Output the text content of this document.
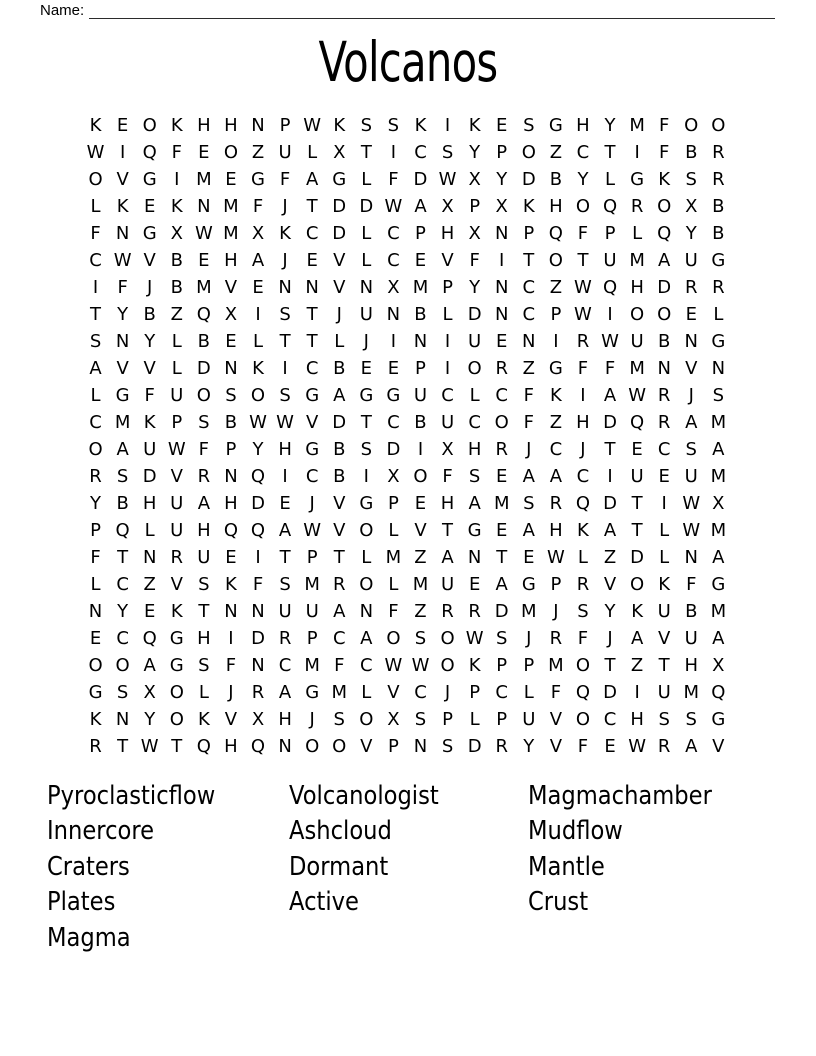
Name:
Volcanos
K E O K H H N P W K S S K	I	K E S G H Y M F O O
W I Q F E O Z U L X T	I	C S Y P O Z C T	I	F B R
O V G I M E G F A G L F D W X Y D B Y L G K S R
L K E K N M F	J	T D D W A X P X K H O Q R O X B
F N G X W M X K C D L C P H X N P Q F P L Q Y B
C W V B E H A	J	E V L C E V F	I	T O T U M A U G
I	F	J	B M V E N N V N X M P Y N C Z W Q H D R R
T Y B Z Q X	I	S T	J U N B L D N C P W I O O E L
S N Y L B E L T T L	J	I N I U E N I	R W U B N G
A V V L D N K	I	C B E E P	I O R Z G F F M N V N
L G F U O S O S G A G G U C L C F K	I	A W R	J	S
C M K P S B W W V D T C B U C O F Z H D Q R A M
O A U W F P Y H G B S D I	X H R	J	C	J	T E C S A
R S D V R N Q I	C B	I	X O F S E A A C	I U E U M
Y B H U A H D E	J	V G P E H A M S R Q D T	I W X
P Q L U H Q Q A W V O L V T G E A H K A T L W M
F T N R U E	I	T P T L M Z A N T E W L Z D L N A
L C Z V S K F S M R O L M U E A G P R V O K F G
N Y E K T N N U U A N F Z R R D M J	S Y K U B M
E C Q G H I D R P C A O S O W S	J	R F	J	A V U A
O O A G S F N C M F C W W O K P P M O T Z T H X
G S X O L	J	R A G M L V C	J	P C L F Q D I U M Q
K N Y O K V X H J	S O X S P L P U V O C H S S G
R T W T Q H Q N O O V P N S D R Y V F E W R A V
Pyroclasticflow
Innercore
Craters
Plates
Magma
Volcanologist
Ashcloud
Dormant
Active
Magmachamber
Mudflow
Mantle
Crust
